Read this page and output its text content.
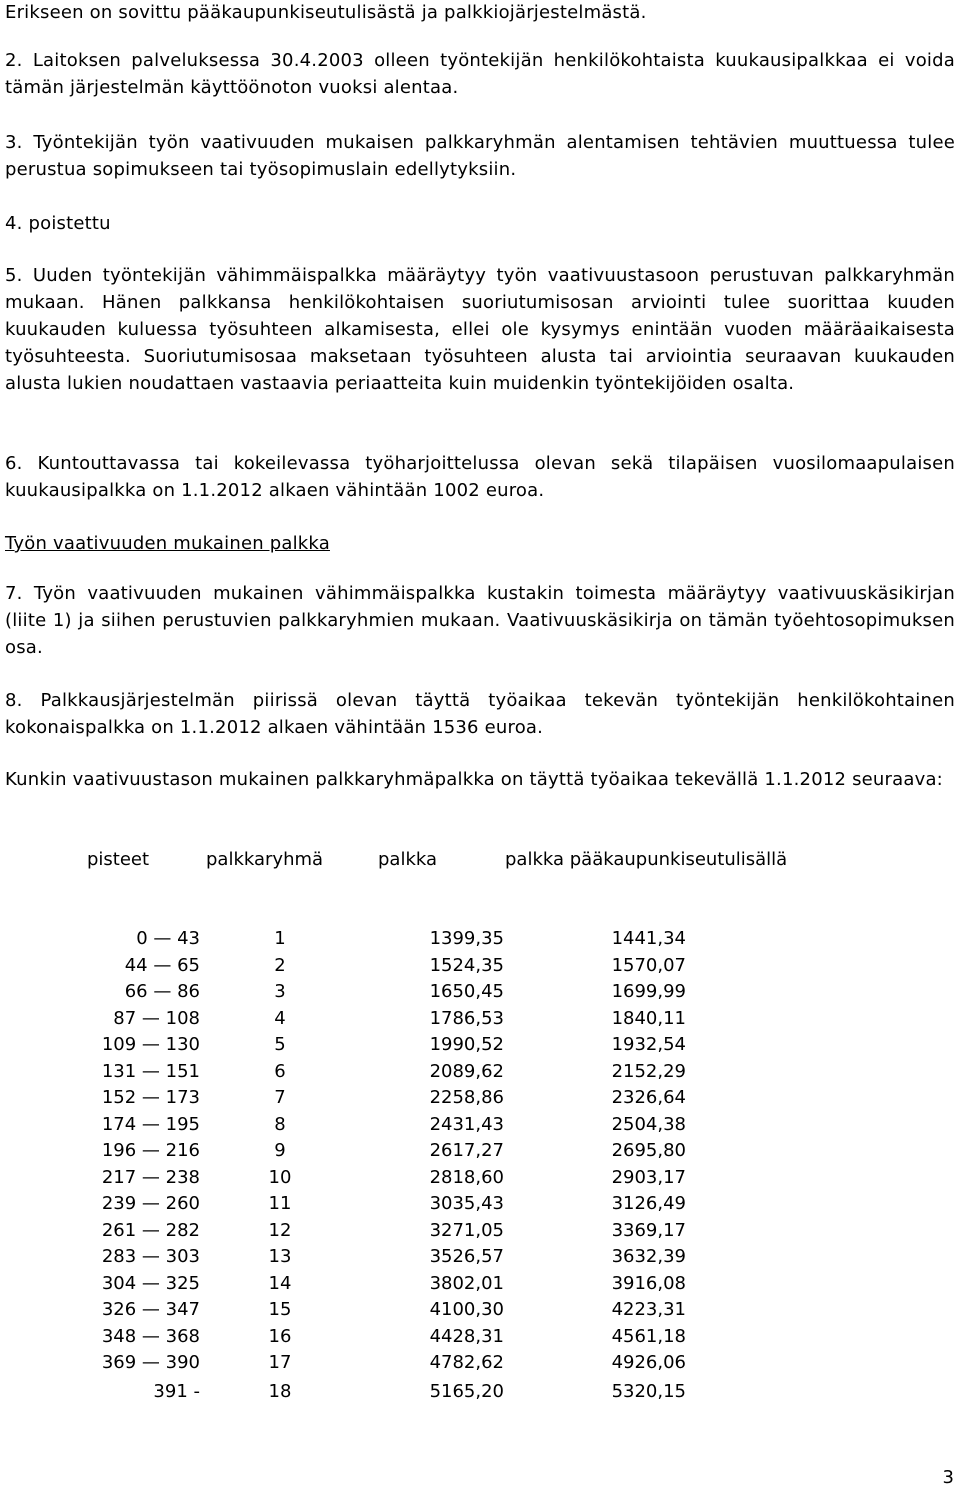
Erikseen on sovittu pääkaupunkiseutulisästä ja palkkiojärjestelmästä.
2. Laitoksen palveluksessa 30.4.2003 olleen työntekijän henkilökohtaista kuukausipalkkaa ei voida tämän järjestelmän käyttöönoton vuoksi alentaa.
3. Työntekijän työn vaativuuden mukaisen palkkaryhmän alentamisen tehtävien muuttuessa tulee perustua sopimukseen tai työsopimuslain edellytyksiin.
4. poistettu
5. Uuden työntekijän vähimmäispalkka määräytyy työn vaativuustasoon perustuvan palkkaryhmän mukaan. Hänen palkkansa henkilökohtaisen suoriutumisosan arviointi tulee suorittaa kuuden kuukauden kuluessa työsuhteen alkamisesta, ellei ole kysymys enintään vuoden määräaikaisesta työsuhteesta. Suoriutumisosaa maksetaan työsuhteen alusta tai arviointia seuraavan kuukauden alusta lukien noudattaen vastaavia periaatteita kuin muidenkin työntekijöiden osalta.
6. Kuntouttavassa tai kokeilevassa työharjoittelussa olevan sekä tilapäisen vuosilomaapulaisen kuukausipalkka on 1.1.2012 alkaen vähintään 1002 euroa.
Työn vaativuuden mukainen palkka
7. Työn vaativuuden mukainen vähimmäispalkka kustakin toimesta määräytyy vaativuuskäsikirjan (liite 1) ja siihen perustuvien palkkaryhmien mukaan. Vaativuuskäsikirja on tämän työehtosopimuksen osa.
8. Palkkausjärjestelmän piirissä olevan täyttä työaikaa tekevän työntekijän henkilökohtainen kokonaispalkka on 1.1.2012 alkaen vähintään 1536 euroa.
Kunkin vaativuustason mukainen palkkaryhmäpalkka on täyttä työaikaa tekevällä 1.1.2012 seuraava:
pisteet	palkkaryhmä	palkka	palkka pääkaupunkiseutulisällä
0 — 43	1	1399,35	1441,34
44 — 65	2	1524,35	1570,07
66 — 86	3	1650,45	1699,99
87 — 108	4	1786,53	1840,11
109 — 130	5	1990,52	1932,54
131 — 151	6	2089,62	2152,29
152 — 173	7	2258,86	2326,64
174 — 195	8	2431,43	2504,38
196 — 216	9	2617,27	2695,80
217 — 238	10	2818,60	2903,17
239 — 260	11	3035,43	3126,49
261 — 282	12	3271,05	3369,17
283 — 303	13	3526,57	3632,39
304 — 325	14	3802,01	3916,08
326 — 347	15	4100,30	4223,31
348 — 368	16	4428,31	4561,18
369 — 390	17	4782,62	4926,06
391 -	18	5165,20	5320,15
3
